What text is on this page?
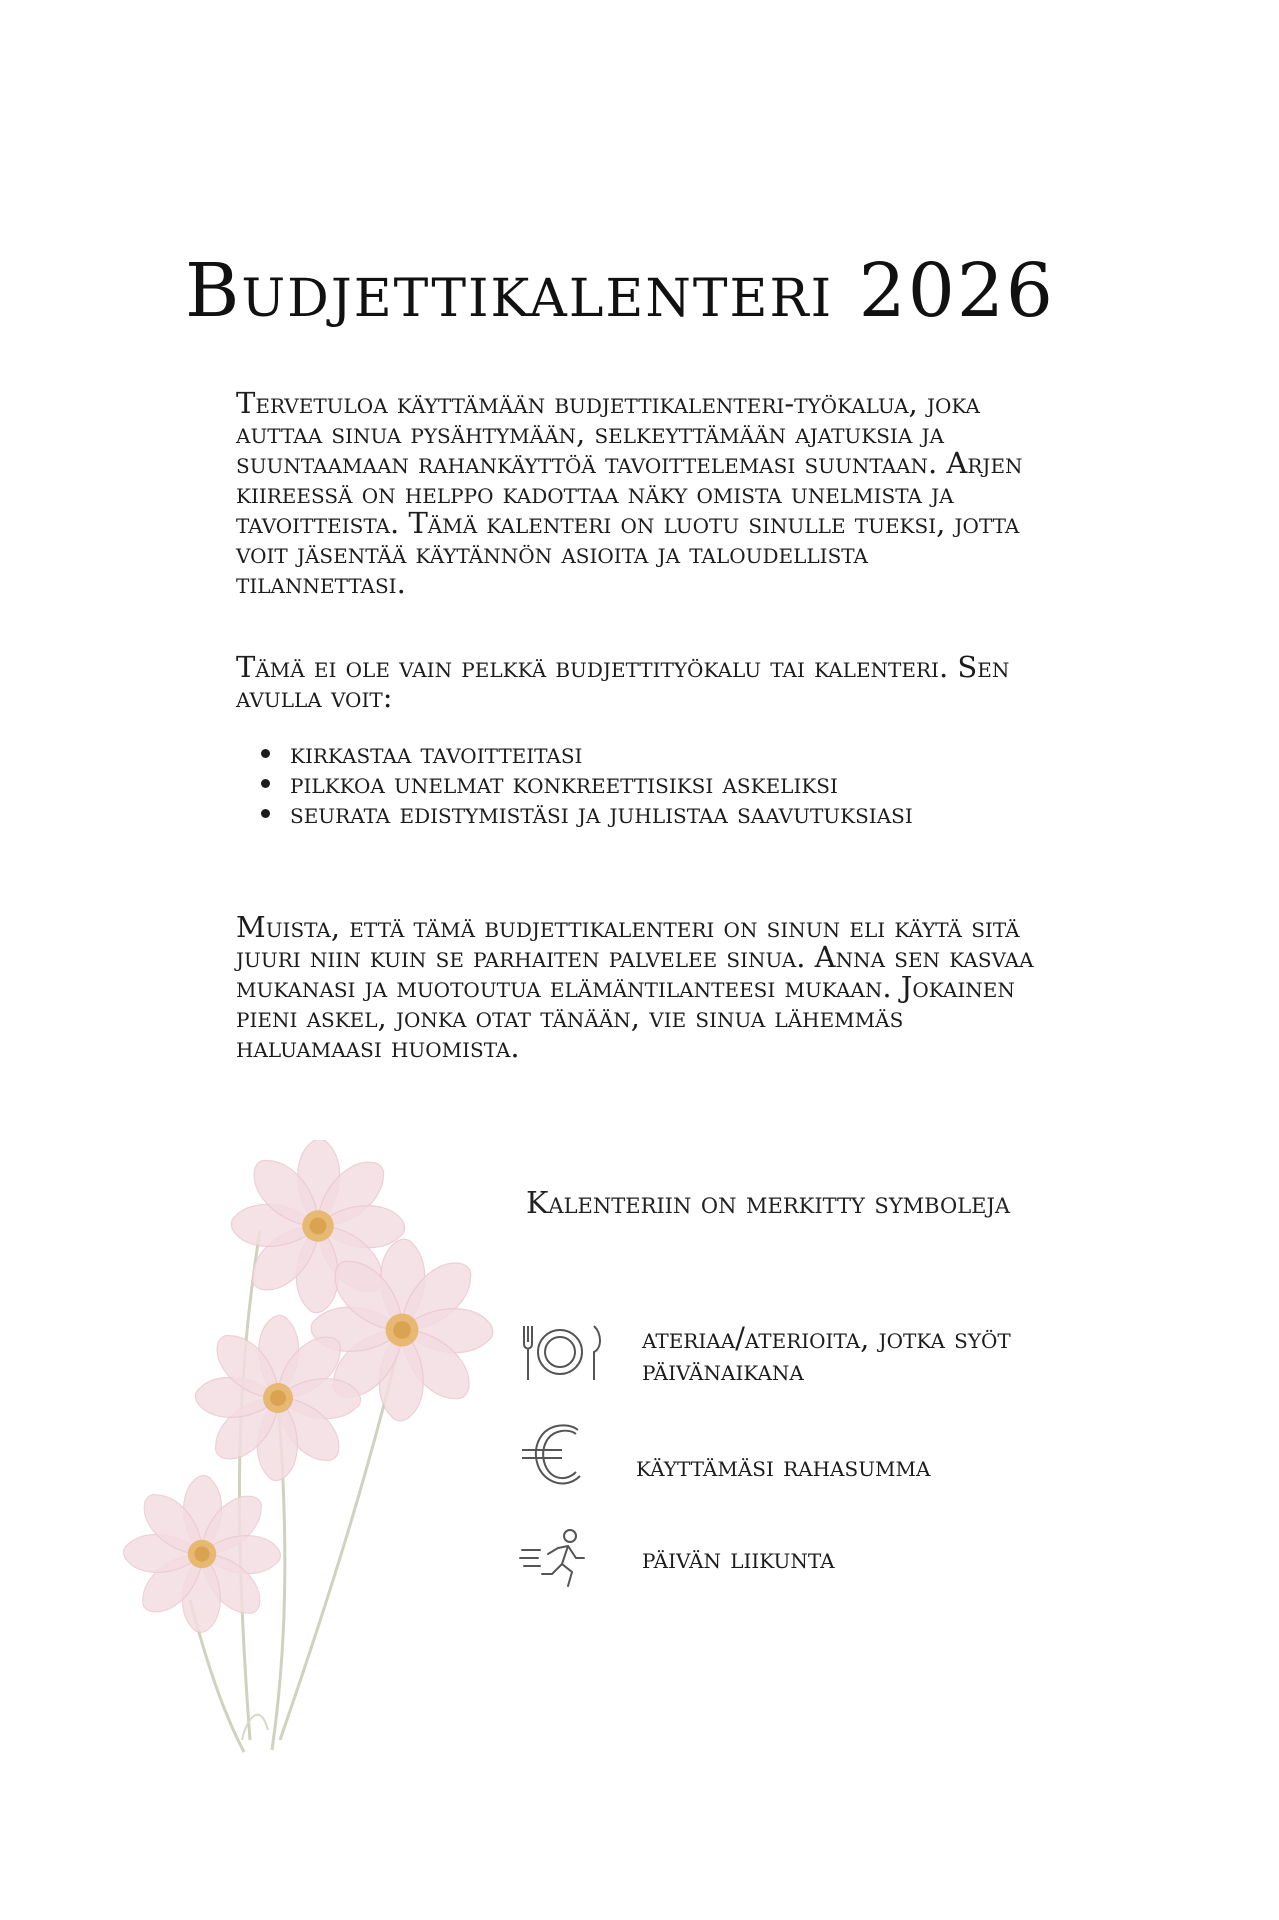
Budjettikalenteri 2026

Tervetuloa käyttämään budjettikalenteri-työkalua, joka auttaa sinua pysähtymään, selkeyttämään ajatuksia ja suuntaamaan rahankäyttöä tavoittelemasi suuntaan. Arjen kiireessä on helppo kadottaa näky omista unelmista ja tavoitteista. Tämä kalenteri on luotu sinulle tueksi, jotta voit jäsentää käytännön asioita ja taloudellista tilannettasi.

Tämä ei ole vain pelkkä budjettityökalu tai kalenteri. Sen avulla voit:

• kirkastaa tavoitteitasi
• pilkkoa unelmat konkreettisiksi askeliksi
• seurata edistymistäsi ja juhlistaa saavutuksiasi

Muista, että tämä budjettikalenteri on sinun eli käytä sitä juuri niin kuin se parhaiten palvelee sinua. Anna sen kasvaa mukanasi ja muotoutua elämäntilanteesi mukaan. Jokainen pieni askel, jonka otat tänään, vie sinua lähemmäs haluamaasi huomista.

Kalenteriin on merkitty symboleja
ateriaa/aterioita, jotka syöt päivänaikana
käyttämäsi rahasumma
päivän liikunta
